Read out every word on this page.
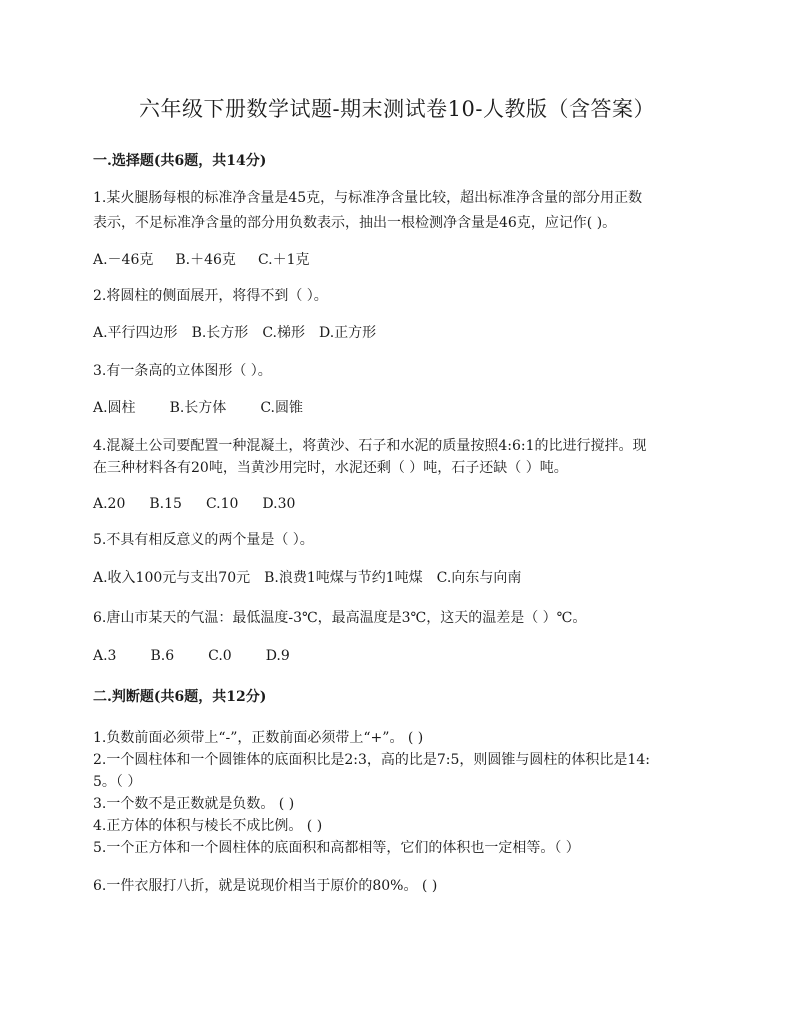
六年级下册数学试题-期末测试卷10-人教版（含答案）
一.选择题(共6题，共14分)
1.某火腿肠每根的标准净含量是45克，与标准净含量比较，超出标准净含量的部分用正数
表示，不足标准净含量的部分用负数表示，抽出一根检测净含量是46克，应记作( )。
A.－46克 B.＋46克 C.＋1克
2.将圆柱的侧面展开，将得不到（ ）。
A.平行四边形 B.长方形 C.梯形 D.正方形
3.有一条高的立体图形（ ）。
A.圆柱 B.长方体 C.圆锥
4.混凝土公司要配置一种混凝土，将黄沙、石子和水泥的质量按照4:6:1的比进行搅拌。现
在三种材料各有20吨，当黄沙用完时，水泥还剩（ ）吨，石子还缺（ ）吨。
A.20 B.15 C.10 D.30
5.不具有相反意义的两个量是（ ）。
A.收入100元与支出70元 B.浪费1吨煤与节约1吨煤 C.向东与向南
6.唐山市某天的气温：最低温度-3℃，最高温度是3℃，这天的温差是（ ）℃。
A.3 B.6 C.0 D.9
二.判断题(共6题，共12分)
1.负数前面必须带上“-”，正数前面必须带上“+”。 ( )
2.一个圆柱体和一个圆锥体的底面积比是2:3，高的比是7:5，则圆锥与圆柱的体积比是14:
5。（ ）
3.一个数不是正数就是负数。 ( )
4.正方体的体积与棱长不成比例。 ( )
5.一个正方体和一个圆柱体的底面积和高都相等，它们的体积也一定相等。（ ）
6.一件衣服打八折，就是说现价相当于原价的80%。 ( )
